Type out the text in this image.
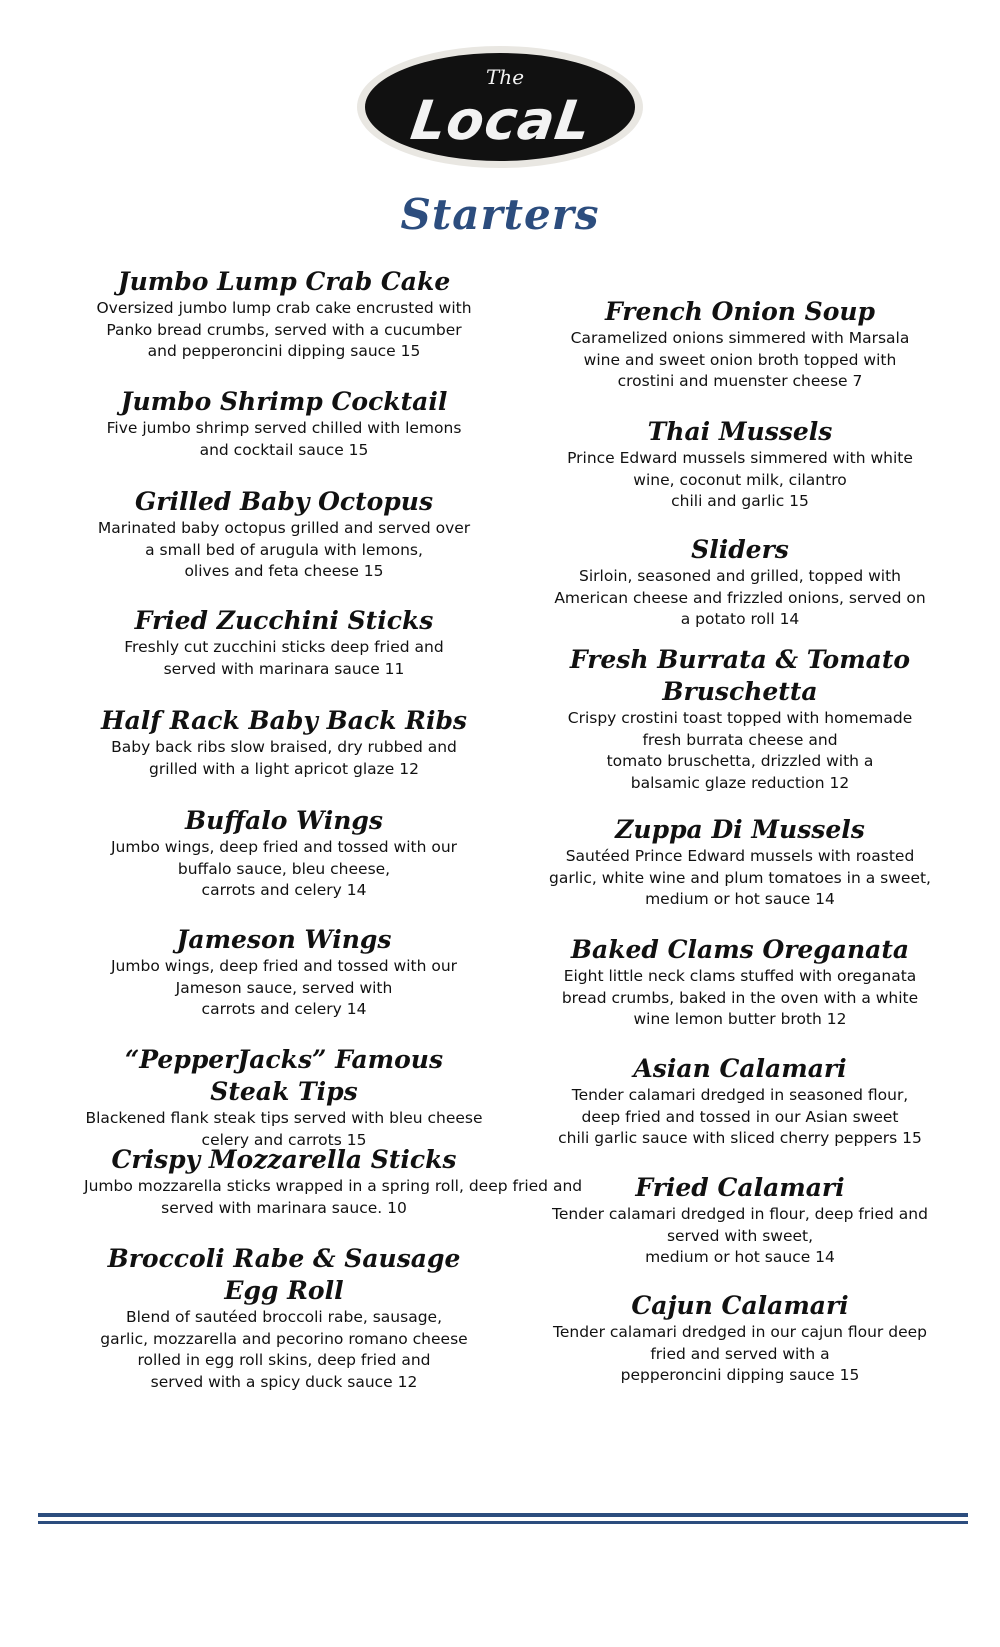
The
LocaL
Starters
Jumbo Lump Crab Cake
Oversized jumbo lump crab cake encrusted with
Panko bread crumbs, served with a cucumber
and pepperoncini dipping sauce 15
Jumbo Shrimp Cocktail
Five jumbo shrimp served chilled with lemons
and cocktail sauce 15
Grilled Baby Octopus
Marinated baby octopus grilled and served over
a small bed of arugula with lemons,
olives and feta cheese 15
Fried Zucchini Sticks
Freshly cut zucchini sticks deep fried and
served with marinara sauce 11
Half Rack Baby Back Ribs
Baby back ribs slow braised, dry rubbed and
grilled with a light apricot glaze 12
Buffalo Wings
Jumbo wings, deep fried and tossed with our
buffalo sauce, bleu cheese,
carrots and celery 14
Jameson Wings
Jumbo wings, deep fried and tossed with our
Jameson sauce, served with
carrots and celery 14
“PepperJacks” Famous Steak Tips
Blackened flank steak tips served with bleu cheese
celery and carrots 15
Crispy Mozzarella Sticks
Jumbo mozzarella sticks wrapped in a spring roll, deep fried and
served with marinara sauce. 10
Broccoli Rabe & Sausage Egg Roll
Blend of sautéed broccoli rabe, sausage,
garlic, mozzarella and pecorino romano cheese
rolled in egg roll skins, deep fried and
served with a spicy duck sauce 12
French Onion Soup
Caramelized onions simmered with Marsala
wine and sweet onion broth topped with
crostini and muenster cheese 7
Thai Mussels
Prince Edward mussels simmered with white
wine, coconut milk, cilantro
chili and garlic 15
Sliders
Sirloin, seasoned and grilled, topped with
American cheese and frizzled onions, served on
a potato roll 14
Fresh Burrata & Tomato Bruschetta
Crispy crostini toast topped with homemade
fresh burrata cheese and
tomato bruschetta, drizzled with a
balsamic glaze reduction 12
Zuppa Di Mussels
Sautéed Prince Edward mussels with roasted
garlic, white wine and plum tomatoes in a sweet,
medium or hot sauce 14
Baked Clams Oreganata
Eight little neck clams stuffed with oreganata
bread crumbs, baked in the oven with a white
wine lemon butter broth 12
Asian Calamari
Tender calamari dredged in seasoned flour,
deep fried and tossed in our Asian sweet
chili garlic sauce with sliced cherry peppers 15
Fried Calamari
Tender calamari dredged in flour, deep fried and
served with sweet,
medium or hot sauce 14
Cajun Calamari
Tender calamari dredged in our cajun flour deep
fried and served with a
pepperoncini dipping sauce 15
